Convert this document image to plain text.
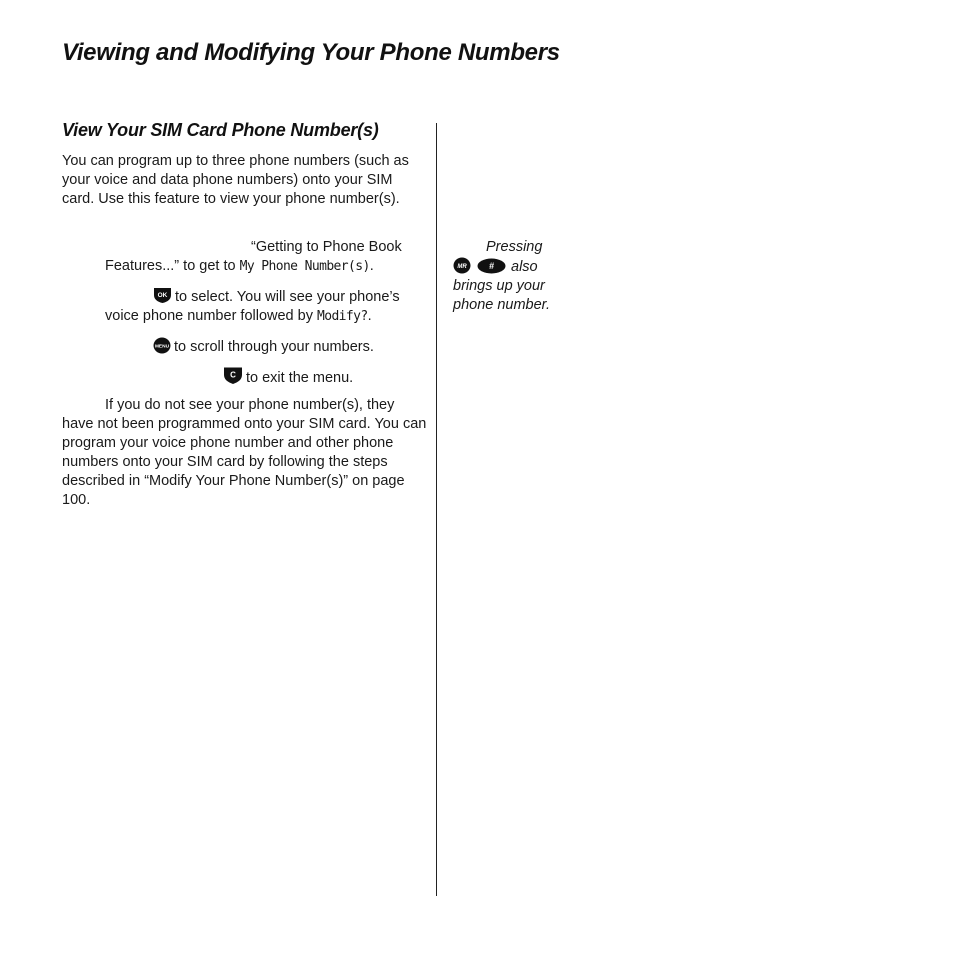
Viewing and Modifying Your Phone Numbers
View Your SIM Card Phone Number(s)

You can program up to three phone numbers (such as your voice and data phone numbers) onto your SIM card. Use this feature to view your phone number(s).

“Getting to Phone Book
Features...” to get to My Phone Number(s).
OK to select. You will see your phone’s
voice phone number followed by Modify?.
MENU to scroll through your numbers.
C to exit the menu.
If you do not see your phone number(s), they
have not been programmed onto your SIM card. You can program your voice phone number and other phone numbers onto your SIM card by following the steps described in “Modify Your Phone Number(s)” on page 100.
Pressing
MR # also
brings up your phone number.
